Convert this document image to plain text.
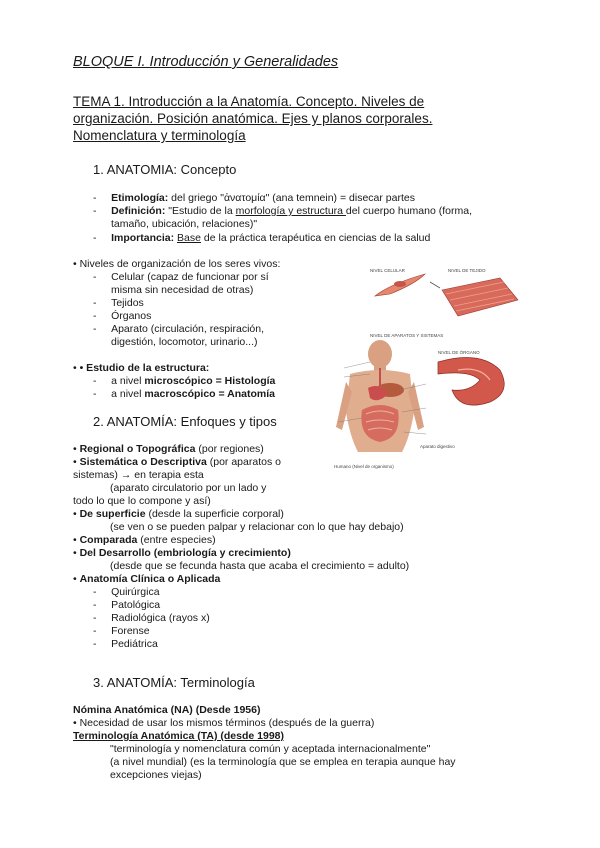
BLOQUE I. Introducción y Generalidades
TEMA 1. Introducción a la Anatomía. Concepto. Niveles de
organización. Posición anatómica. Ejes y planos corporales.
Nomenclatura y terminología
1. ANATOMIA: Concepto
-     Etimología: del griego "ἀνατομία" (ana temnein) = disecar partes
-     Definición: "Estudio de la morfología y estructura del cuerpo humano (forma,
tamaño, ubicación, relaciones)"
-     Importancia: Base de la práctica terapéutica en ciencias de la salud
• Niveles de organización de los seres vivos:
-     Celular (capaz de funcionar por sí
misma sin necesidad de otras)
-     Tejidos
-     Órganos
-     Aparato (circulación, respiración,
digestión, locomotor, urinario...)
• • Estudio de la estructura:
-     a nivel microscópico = Histología
-     a nivel macroscópico = Anatomía
NIVEL CELULAR	NIVEL DE TEJIDO
NIVEL DE APARATOS Y SISTEMAS
NIVEL DE ÓRGANO
Humano (Nivel de organismo)
Aparato digestivo
2. ANATOMÍA: Enfoques y tipos
• Regional o Topográfica (por regiones)
• Sistemática o Descriptiva (por aparatos o
sistemas) → en terapia esta
(aparato circulatorio por un lado y
todo lo que lo compone y así)
• De superficie (desde la superficie corporal)
(se ven o se pueden palpar y relacionar con lo que hay debajo)
• Comparada (entre especies)
• Del Desarrollo (embriología y crecimiento)
(desde que se fecunda hasta que acaba el crecimiento = adulto)
• Anatomía Clínica o Aplicada
-     Quirúrgica
-     Patológica
-     Radiológica (rayos x)
-     Forense
-     Pediátrica
3. ANATOMÍA: Terminología
Nómina Anatómica (NA) (Desde 1956)
• Necesidad de usar los mismos términos (después de la guerra)
Terminología Anatómica (TA) (desde 1998)
"terminología y nomenclatura común y aceptada internacionalmente"
(a nivel mundial) (es la terminología que se emplea en terapia aunque hay
excepciones viejas)
